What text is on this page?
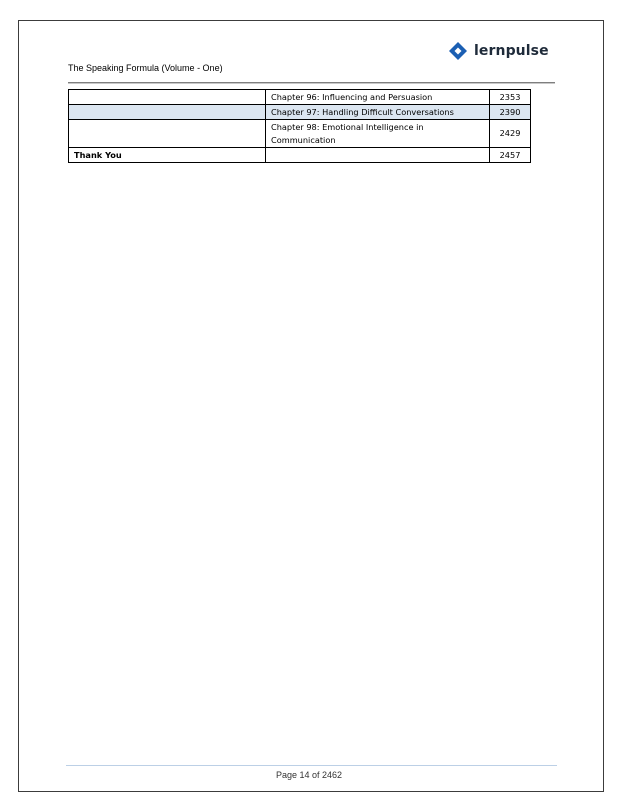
The Speaking Formula (Volume - One)
lernpulse
	Chapter 96: Influencing and Persuasion	2353
	Chapter 97: Handling Difficult Conversations	2390
	Chapter 98: Emotional Intelligence in Communication	2429
Thank You		2457
Page 14 of 2462
